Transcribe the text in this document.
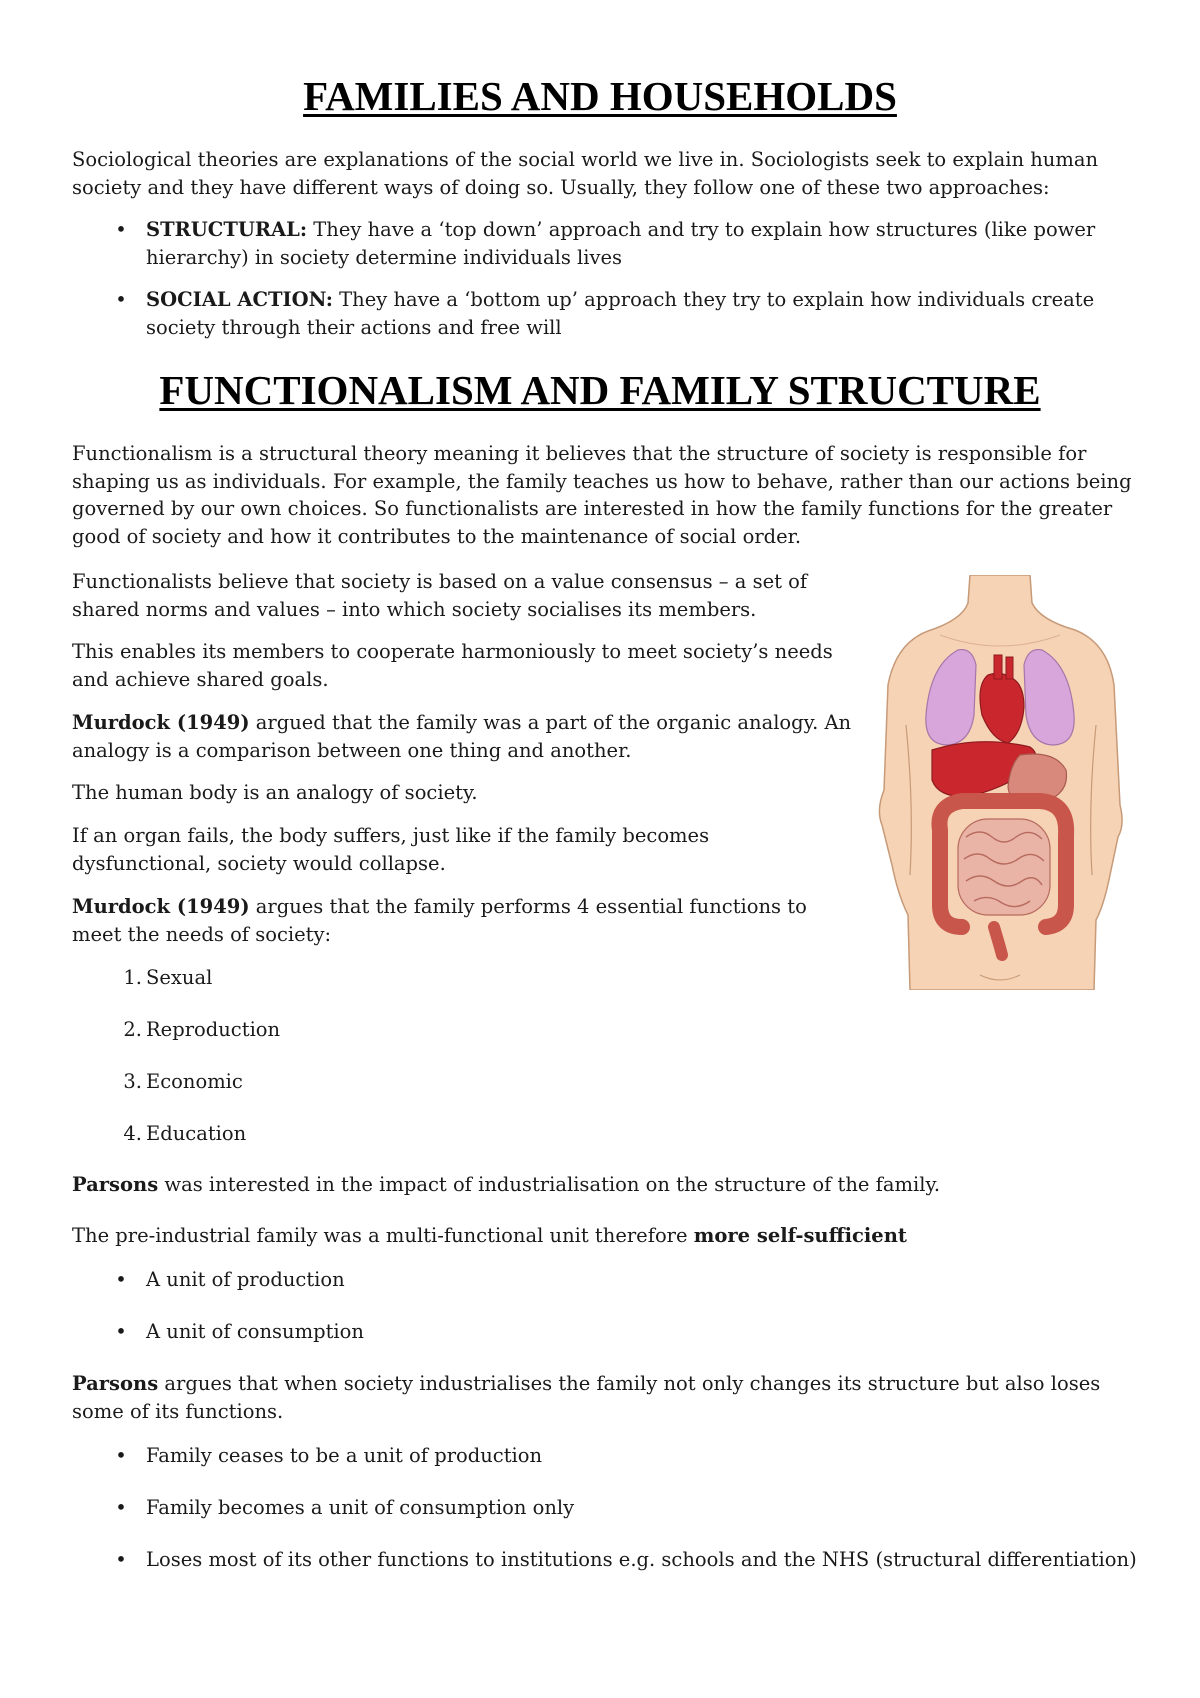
FAMILIES AND HOUSEHOLDS

Sociological theories are explanations of the social world we live in. Sociologists seek to explain human society and they have different ways of doing so. Usually, they follow one of these two approaches:

• STRUCTURAL: They have a ‘top down’ approach and try to explain how structures (like power hierarchy) in society determine individuals lives

• SOCIAL ACTION: They have a ‘bottom up’ approach they try to explain how individuals create society through their actions and free will

FUNCTIONALISM AND FAMILY STRUCTURE

Functionalism is a structural theory meaning it believes that the structure of society is responsible for shaping us as individuals. For example, the family teaches us how to behave, rather than our actions being governed by our own choices. So functionalists are interested in how the family functions for the greater good of society and how it contributes to the maintenance of social order.

Functionalists believe that society is based on a value consensus – a set of shared norms and values – into which society socialises its members.

This enables its members to cooperate harmoniously to meet society’s needs and achieve shared goals.

Murdock (1949) argued that the family was a part of the organic analogy. An analogy is a comparison between one thing and another.

The human body is an analogy of society.

If an organ fails, the body suffers, just like if the family becomes dysfunctional, society would collapse.

Murdock (1949) argues that the family performs 4 essential functions to meet the needs of society:

1. Sexual

2. Reproduction

3. Economic

4. Education

Parsons was interested in the impact of industrialisation on the structure of the family.

The pre-industrial family was a multi-functional unit therefore more self-sufficient

• A unit of production

• A unit of consumption

Parsons argues that when society industrialises the family not only changes its structure but also loses some of its functions.

• Family ceases to be a unit of production

• Family becomes a unit of consumption only

• Loses most of its other functions to institutions e.g. schools and the NHS (structural differentiation)
